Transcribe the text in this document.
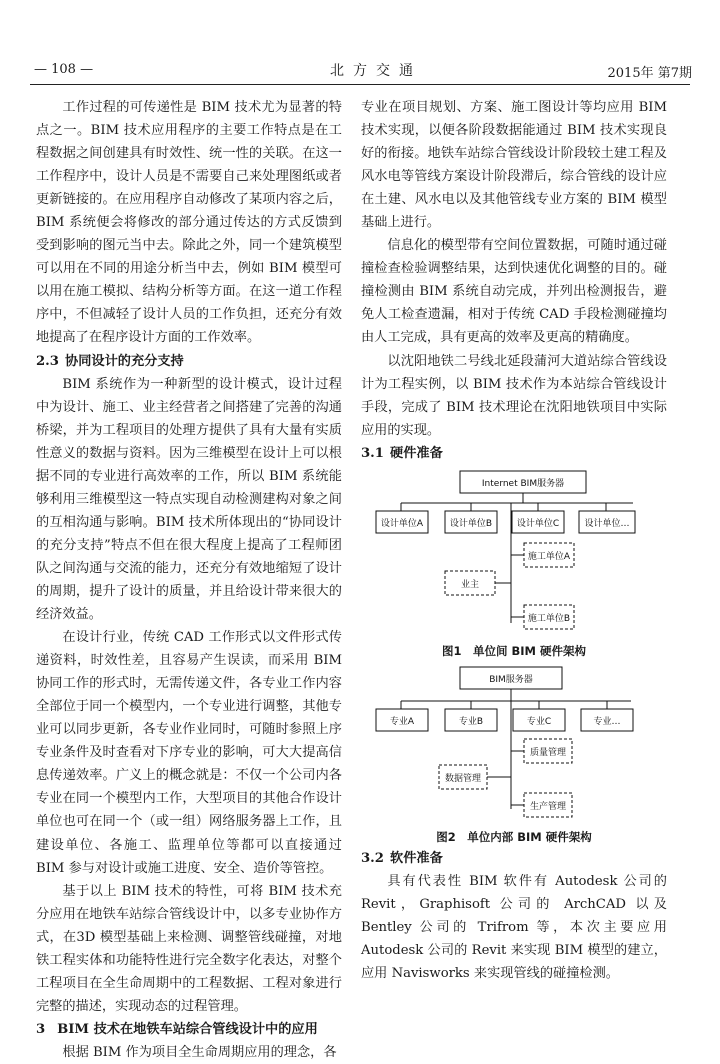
— 108 —	北方交通	2015年 第7期

工作过程的可传递性是 BIM 技术尤为显著的特点之一。BIM 技术应用程序的主要工作特点是在工程数据之间创建具有时效性、统一性的关联。在这一工作程序中，设计人员是不需要自己来处理图纸或者更新链接的。在应用程序自动修改了某项内容之后，BIM 系统便会将修改的部分通过传达的方式反馈到受到影响的图元当中去。除此之外，同一个建筑模型可以用在不同的用途分析当中去，例如 BIM 模型可以用在施工模拟、结构分析等方面。在这一道工作程序中，不但减轻了设计人员的工作负担，还充分有效地提高了在程序设计方面的工作效率。

2.3 协同设计的充分支持

BIM 系统作为一种新型的设计模式，设计过程中为设计、施工、业主经营者之间搭建了完善的沟通桥梁，并为工程项目的处理方提供了具有大量有实质性意义的数据与资料。因为三维模型在设计上可以根据不同的专业进行高效率的工作，所以 BIM 系统能够利用三维模型这一特点实现自动检测建构对象之间的互相沟通与影响。BIM 技术所体现出的“协同设计的充分支持”特点不但在很大程度上提高了工程师团队之间沟通与交流的能力，还充分有效地缩短了设计的周期，提升了设计的质量，并且给设计带来很大的经济效益。

在设计行业，传统 CAD 工作形式以文件形式传递资料，时效性差，且容易产生误读，而采用 BIM 协同工作的形式时，无需传递文件，各专业工作内容全部位于同一个模型内，一个专业进行调整，其他专业可以同步更新，各专业作业同时，可随时参照上序专业条件及时查看对下序专业的影响，可大大提高信息传递效率。广义上的概念就是：不仅一个公司内各专业在同一个模型内工作，大型项目的其他合作设计单位也可在同一个（或一组）网络服务器上工作，且建设单位、各施工、监理单位等都可以直接通过 BIM 参与对设计或施工进度、安全、造价等管控。

基于以上 BIM 技术的特性，可将 BIM 技术充分应用在地铁车站综合管线设计中，以多专业协作方式，在3D 模型基础上来检测、调整管线碰撞，对地铁工程实体和功能特性进行完全数字化表达，对整个工程项目在全生命周期中的工程数据、工程对象进行完整的描述，实现动态的过程管理。

3 BIM 技术在地铁车站综合管线设计中的应用

根据 BIM 作为项目全生命周期应用的理念，各

专业在项目规划、方案、施工图设计等均应用 BIM 技术实现，以便各阶段数据能通过 BIM 技术实现良好的衔接。地铁车站综合管线设计阶段较土建工程及风水电等管线方案设计阶段滞后，综合管线的设计应在土建、风水电以及其他管线专业方案的 BIM 模型基础上进行。

信息化的模型带有空间位置数据，可随时通过碰撞检查检验调整结果，达到快速优化调整的目的。碰撞检测由 BIM 系统自动完成，并列出检测报告，避免人工检查遗漏，相对于传统 CAD 手段检测碰撞均由人工完成，具有更高的效率及更高的精确度。

以沈阳地铁二号线北延段蒲河大道站综合管线设计为工程实例，以 BIM 技术作为本站综合管线设计手段，完成了 BIM 技术理论在沈阳地铁项目中实际应用的实现。

3.1 硬件准备
Internet BIM服务器
设计单位A	设计单位B	设计单位C	设计单位…
业主
施工单位A
施工单位B
图1　单位间 BIM 硬件架构
BIM服务器
专业A	专业B	专业C	专业…
质量管理
数据管理
生产管理
图2　单位内部 BIM 硬件架构
3.2 软件准备

具有代表性 BIM 软件有 Autodesk 公司的 Revit，Graphisoft 公司的 ArchCAD 以及 Bentley 公司的 Trifrom 等，本次主要应用 Autodesk 公司的 Revit 来实现 BIM 模型的建立，应用 Navisworks 来实现管线的碰撞检测。
